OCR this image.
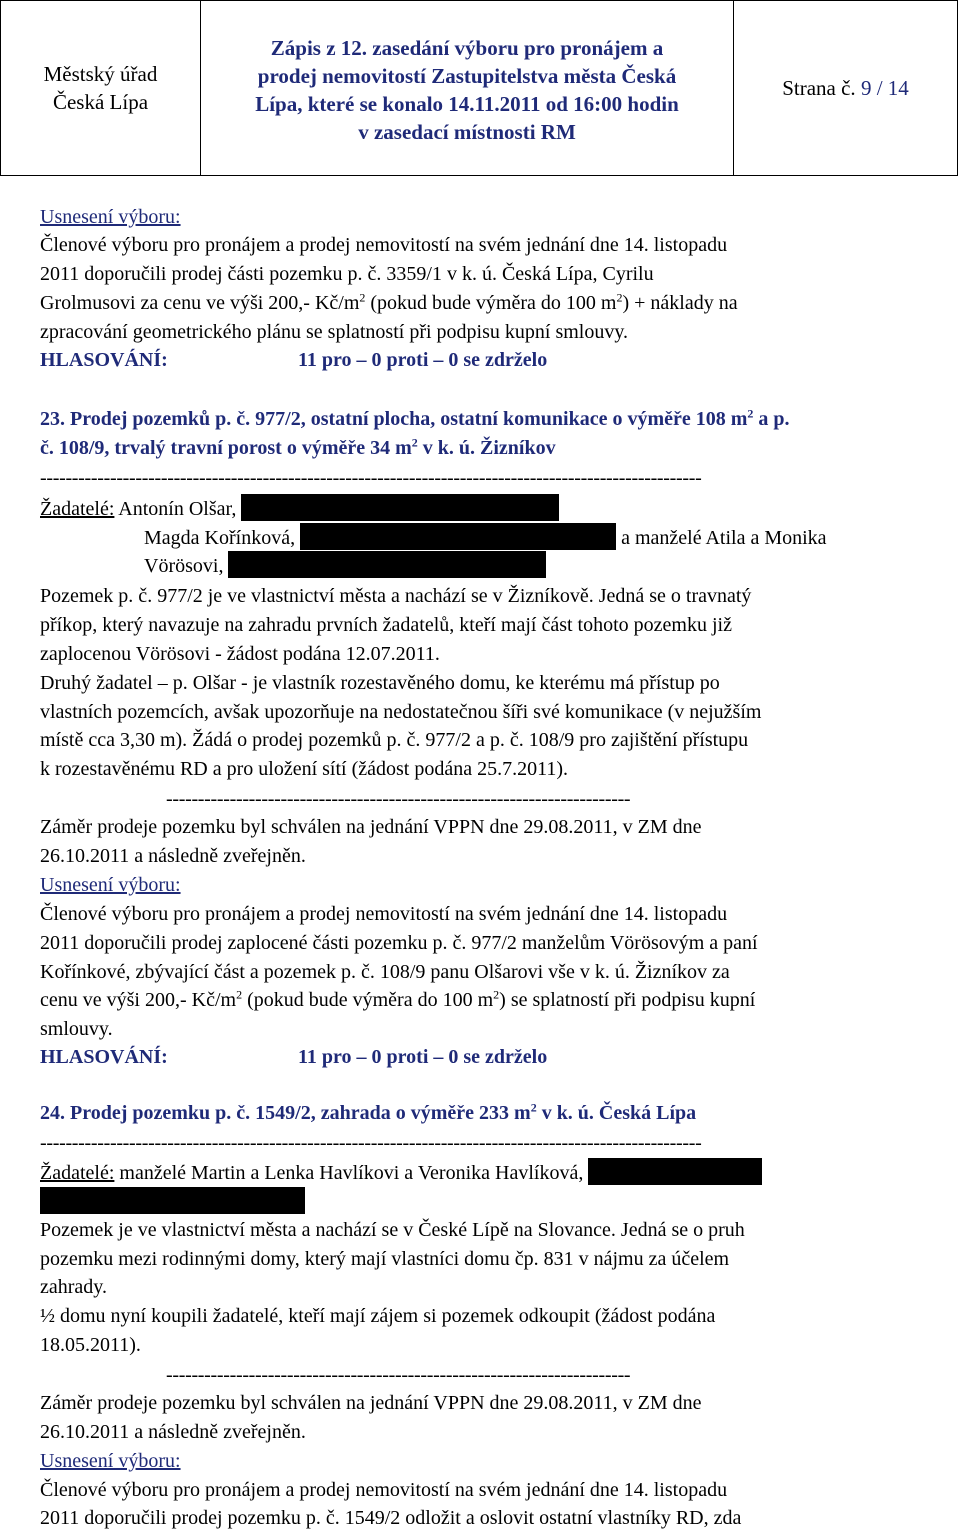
Městský úřad
Česká Lípa
Zápis z 12. zasedání výboru pro pronájem a
prodej nemovitostí Zastupitelstva města Česká
Lípa, které se konalo 14.11.2011 od 16:00 hodin
v zasedací místnosti RM
Strana č. 9 / 14
Usnesení výboru:
Členové výboru pro pronájem a prodej nemovitostí na svém jednání dne 14. listopadu
2011 doporučili prodej části pozemku p. č. 3359/1 v k. ú. Česká Lípa, Cyrilu
Grolmusovi za cenu ve výši 200,- $Kč/m^2$ (pokud bude výměra do 100 $m^2$) + náklady na
zpracování geometrického plánu se splatností při podpisu kupní smlouvy.
HLASOVÁNÍ:	11 pro – 0 proti – 0 se zdrželo
23. Prodej pozemků p. č. 977/2, ostatní plocha, ostatní komunikace o výměře 108 $m^2$ a p.
č. 108/9, trvalý travní porost o výměře 34 $m^2$ v k. ú. Žizníkov
--------------------------------------------------------------------------------------------------------
Žadatelé: Antonín Olšar,
Magda Kořínková,	a manželé Atila a Monika
Vörösovi,
Pozemek p. č. 977/2 je ve vlastnictví města a nachází se v Žizníkově. Jedná se o travnatý
příkop, který navazuje na zahradu prvních žadatelů, kteří mají část tohoto pozemku již
zaplocenou Vörösovi - žádost podána 12.07.2011.
Druhý žadatel – p. Olšar - je vlastník rozestavěného domu, ke kterému má přístup po
vlastních pozemcích, avšak upozorňuje na nedostatečnou šíři své komunikace (v nejužším
místě cca 3,30 m). Žádá o prodej pozemků p. č. 977/2 a p. č. 108/9 pro zajištění přístupu
k rozestavěnému RD a pro uložení sítí (žádost podána 25.7.2011).
-------------------------------------------------------------------------
Záměr prodeje pozemku byl schválen na jednání VPPN dne 29.08.2011, v ZM dne
26.10.2011 a následně zveřejněn.
Usnesení výboru:
Členové výboru pro pronájem a prodej nemovitostí na svém jednání dne 14. listopadu
2011 doporučili prodej zaplocené části pozemku p. č. 977/2 manželům Vörösovým a paní
Kořínkové, zbývající část a pozemek p. č. 108/9 panu Olšarovi vše v k. ú. Žizníkov za
cenu ve výši 200,- $Kč/m^2$ (pokud bude výměra do 100 $m^2$) se splatností při podpisu kupní
smlouvy.
HLASOVÁNÍ:	11 pro – 0 proti – 0 se zdrželo
24. Prodej pozemku p. č. 1549/2, zahrada o výměře 233 $m^2$ v k. ú. Česká Lípa
--------------------------------------------------------------------------------------------------------
Žadatelé: manželé Martin a Lenka Havlíkovi a Veronika Havlíková,
Pozemek je ve vlastnictví města a nachází se v České Lípě na Slovance. Jedná se o pruh
pozemku mezi rodinnými domy, který mají vlastníci domu čp. 831 v nájmu za účelem
zahrady.
½ domu nyní koupili žadatelé, kteří mají zájem si pozemek odkoupit (žádost podána
18.05.2011).
-------------------------------------------------------------------------
Záměr prodeje pozemku byl schválen na jednání VPPN dne 29.08.2011, v ZM dne
26.10.2011 a následně zveřejněn.
Usnesení výboru:
Členové výboru pro pronájem a prodej nemovitostí na svém jednání dne 14. listopadu
2011 doporučili prodej pozemku p. č. 1549/2 odložit a oslovit ostatní vlastníky RD, zda
